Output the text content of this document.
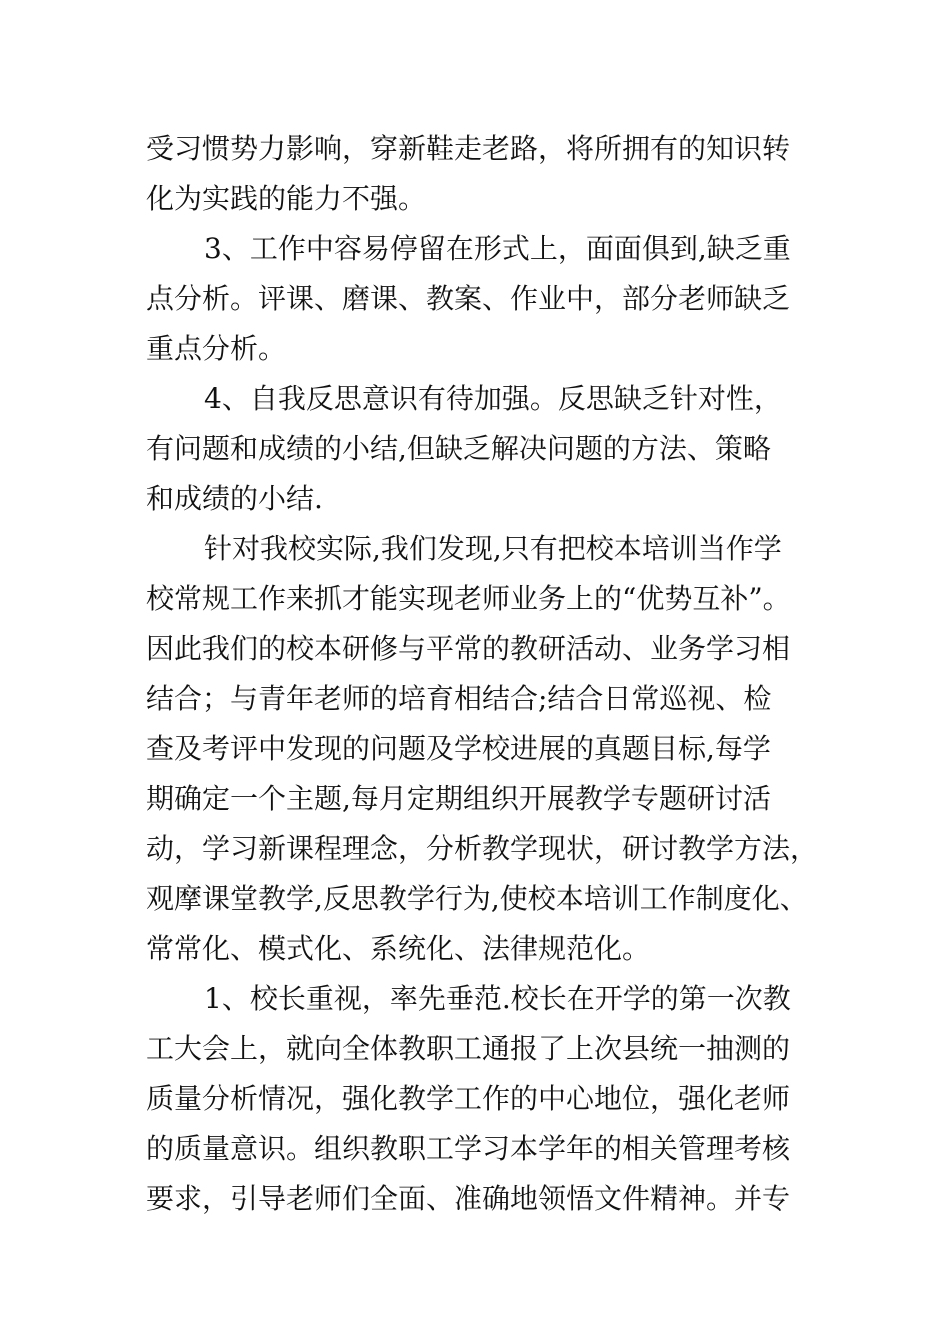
受习惯势力影响，穿新鞋走老路，将所拥有的知识转
化为实践的能力不强。
3、工作中容易停留在形式上，面面俱到,缺乏重
点分析。评课、磨课、教案、作业中，部分老师缺乏
重点分析。
4、自我反思意识有待加强。反思缺乏针对性，
有问题和成绩的小结,但缺乏解决问题的方法、策略
和成绩的小结.
针对我校实际,我们发现,只有把校本培训当作学
校常规工作来抓才能实现老师业务上的“优势互补”。
因此我们的校本研修与平常的教研活动、业务学习相
结合；与青年老师的培育相结合;结合日常巡视、检
查及考评中发现的问题及学校进展的真题目标,每学
期确定一个主题,每月定期组织开展教学专题研讨活
动，学习新课程理念，分析教学现状，研讨教学方法，
观摩课堂教学,反思教学行为,使校本培训工作制度化、
常常化、模式化、系统化、法律规范化。
1、校长重视，率先垂范.校长在开学的第一次教
工大会上，就向全体教职工通报了上次县统一抽测的
质量分析情况，强化教学工作的中心地位，强化老师
的质量意识。组织教职工学习本学年的相关管理考核
要求，引导老师们全面、准确地领悟文件精神。并专
